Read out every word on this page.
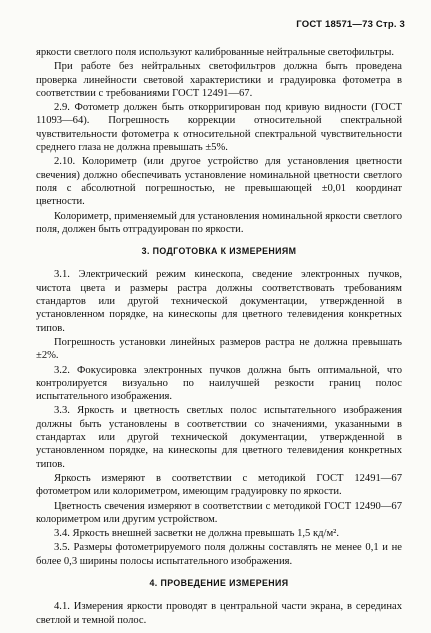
ГОСТ 18571—73 Стр. 3
яркости светлого поля используют калиброванные нейтральные светофильтры.
При работе без нейтральных светофильтров должна быть проведена проверка линейности световой характеристики и градуировка фотометра в соответствии с требованиями ГОСТ 12491—67.
2.9. Фотометр должен быть откорригирован под кривую видности (ГОСТ 11093—64). Погрешность коррекции относительной спектральной чувствительности фотометра к относительной спектральной чувствительности среднего глаза не должна превышать ±5%.
2.10. Колориметр (или другое устройство для установления цветности свечения) должно обеспечивать установление номинальной цветности светлого поля с абсолютной погрешностью, не превышающей ±0,01 координат цветности.
Колориметр, применяемый для установления номинальной яркости светлого поля, должен быть отградуирован по яркости.
3. ПОДГОТОВКА К ИЗМЕРЕНИЯМ
3.1. Электрический режим кинескопа, сведение электронных пучков, чистота цвета и размеры растра должны соответствовать требованиям стандартов или другой технической документации, утвержденной в установленном порядке, на кинескопы для цветного телевидения конкретных типов.
Погрешность установки линейных размеров растра не должна превышать ±2%.
3.2. Фокусировка электронных пучков должна быть оптимальной, что контролируется визуально по наилучшей резкости границ полос испытательного изображения.
3.3. Яркость и цветность светлых полос испытательного изображения должны быть установлены в соответствии со значениями, указанными в стандартах или другой технической документации, утвержденной в установленном порядке, на кинескопы для цветного телевидения конкретных типов.
Яркость измеряют в соответствии с методикой ГОСТ 12491—67 фотометром или колориметром, имеющим градуировку по яркости.
Цветность свечения измеряют в соответствии с методикой ГОСТ 12490—67 колориметром или другим устройством.
3.4. Яркость внешней засветки не должна превышать 1,5 кд/м².
3.5. Размеры фотометрируемого поля должны составлять не менее 0,1 и не более 0,3 ширины полосы испытательного изображения.
4. ПРОВЕДЕНИЕ ИЗМЕРЕНИЯ
4.1. Измерения яркости проводят в центральной части экрана, в серединах светлой и темной полос.
